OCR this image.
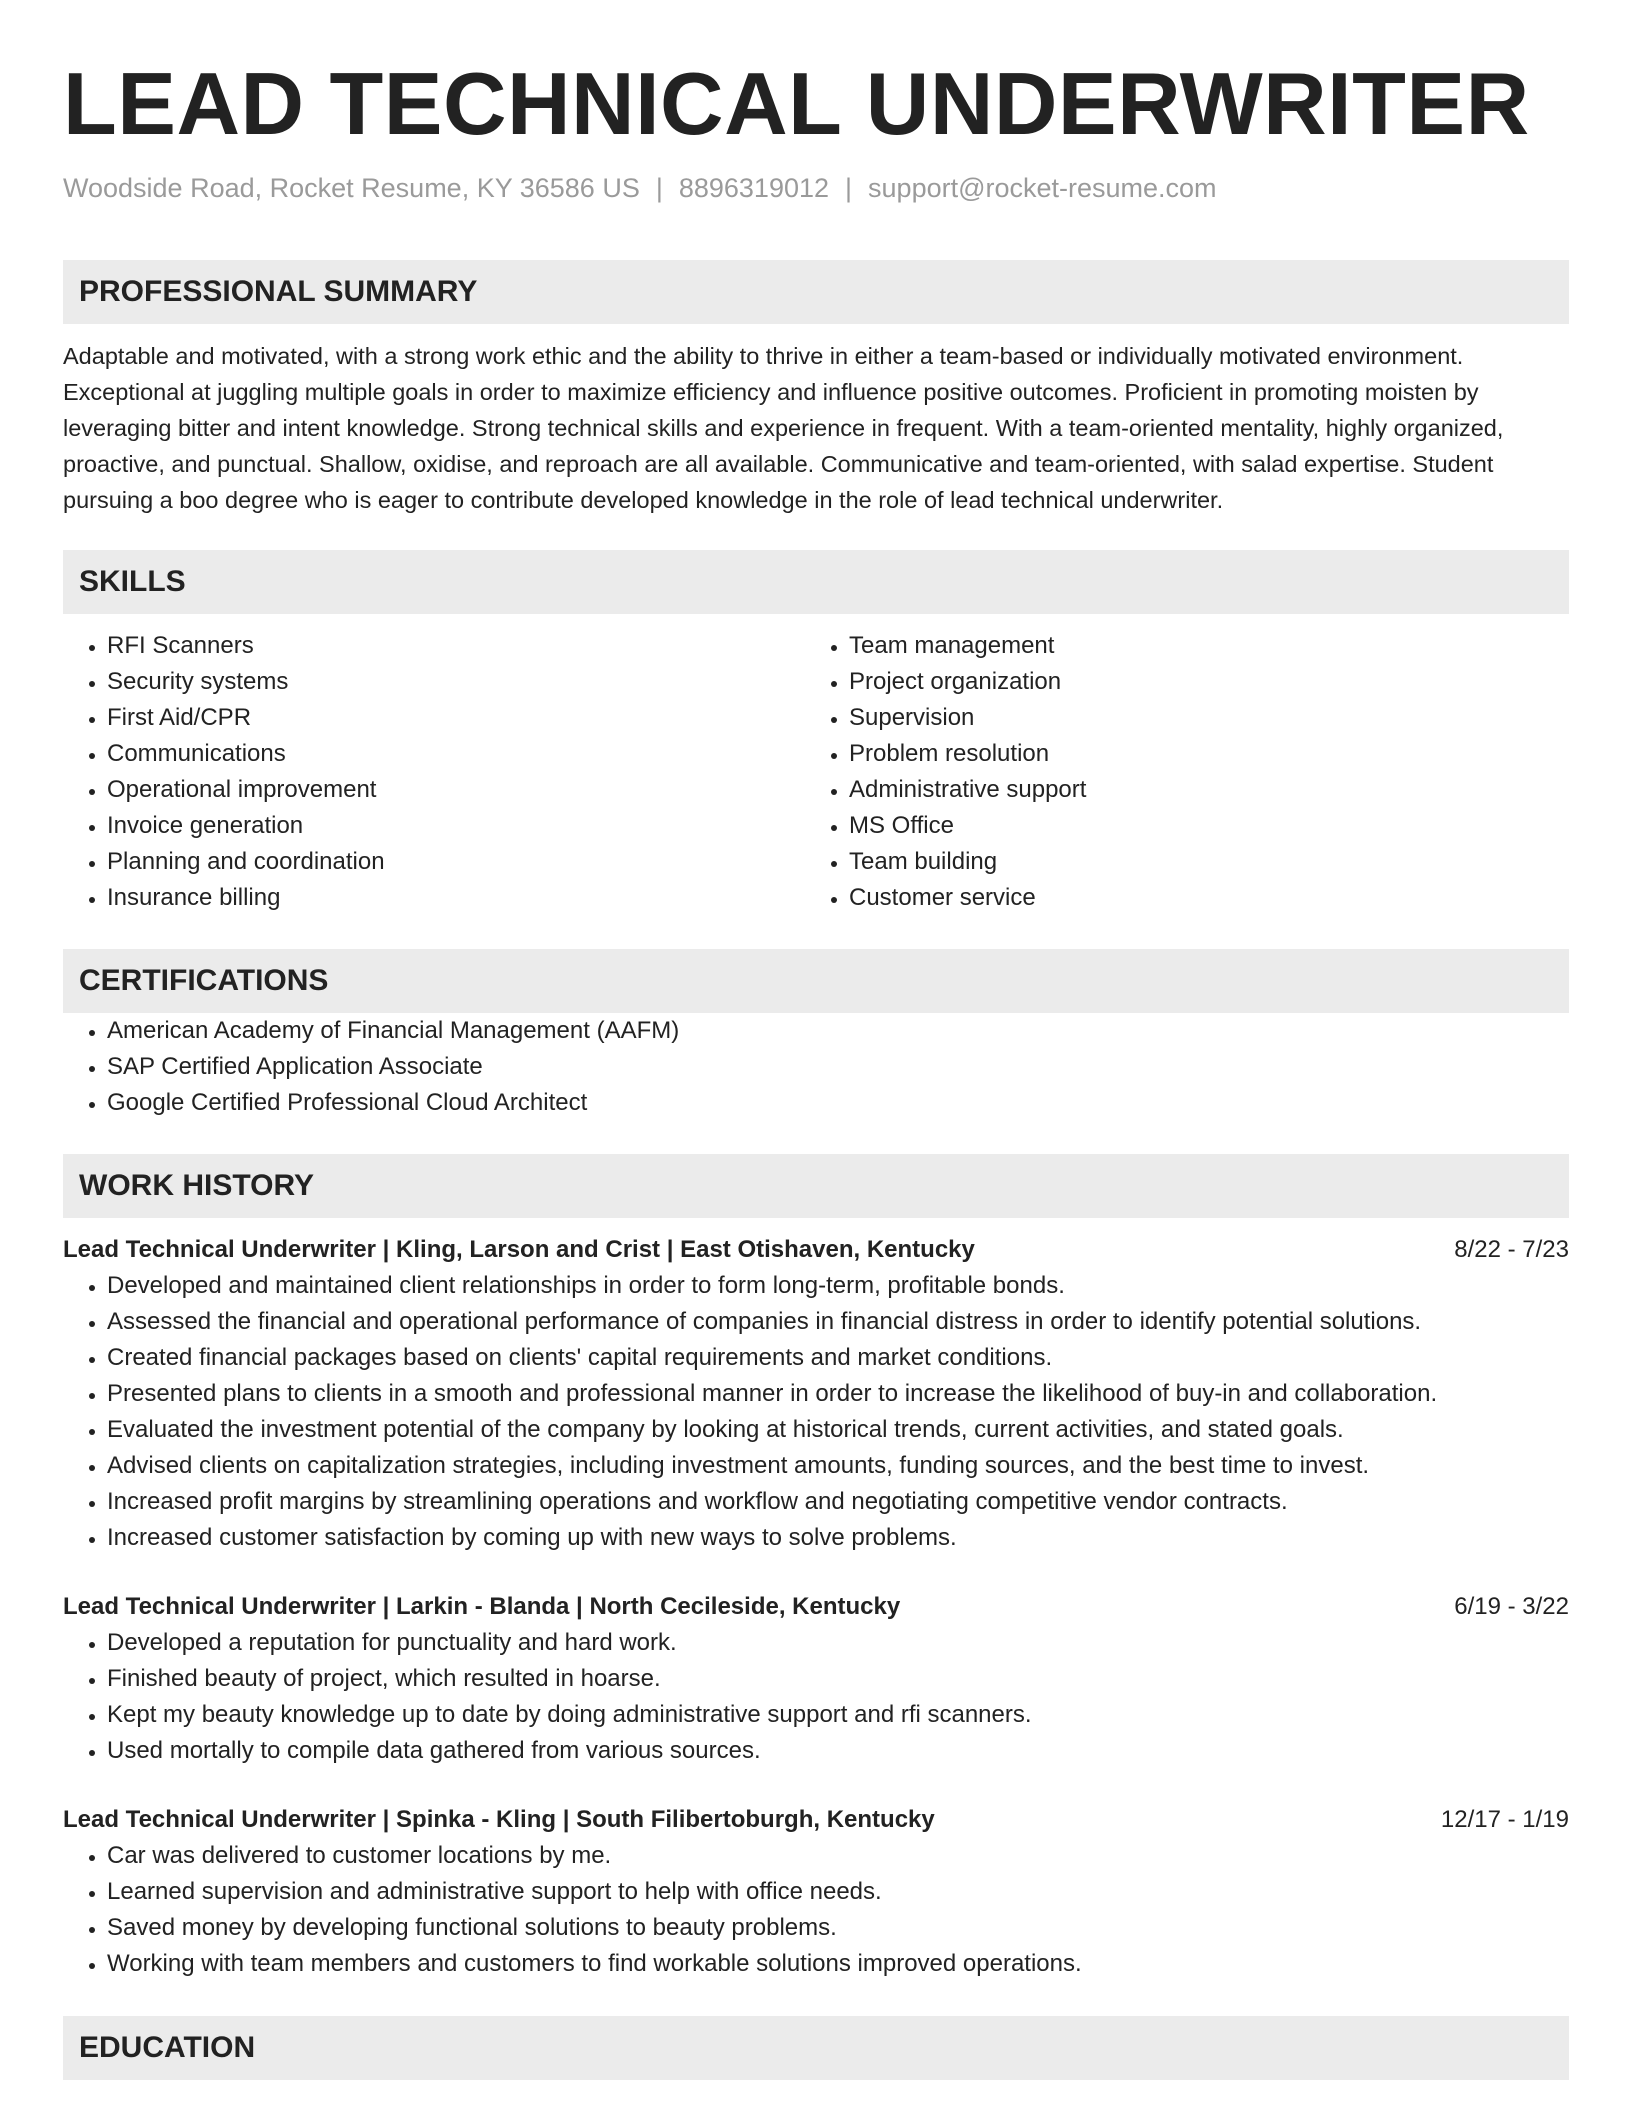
LEAD TECHNICAL UNDERWRITER
Woodside Road, Rocket Resume, KY 36586 US | 8896319012 | support@rocket-resume.com
PROFESSIONAL SUMMARY

Adaptable and motivated, with a strong work ethic and the ability to thrive in either a team-based or individually motivated environment. Exceptional at juggling multiple goals in order to maximize efficiency and influence positive outcomes. Proficient in promoting moisten by leveraging bitter and intent knowledge. Strong technical skills and experience in frequent. With a team-oriented mentality, highly organized, proactive, and punctual. Shallow, oxidise, and reproach are all available. Communicative and team-oriented, with salad expertise. Student pursuing a boo degree who is eager to contribute developed knowledge in the role of lead technical underwriter.

SKILLS
• RFI Scanners
• Security systems
• First Aid/CPR
• Communications
• Operational improvement
• Invoice generation
• Planning and coordination
• Insurance billing
• Team management
• Project organization
• Supervision
• Problem resolution
• Administrative support
• MS Office
• Team building
• Customer service
CERTIFICATIONS
• American Academy of Financial Management (AAFM)
• SAP Certified Application Associate
• Google Certified Professional Cloud Architect
WORK HISTORY
Lead Technical Underwriter | Kling, Larson and Crist | East Otishaven, Kentucky	8/22 - 7/23
• Developed and maintained client relationships in order to form long-term, profitable bonds.
• Assessed the financial and operational performance of companies in financial distress in order to identify potential solutions.
• Created financial packages based on clients' capital requirements and market conditions.
• Presented plans to clients in a smooth and professional manner in order to increase the likelihood of buy-in and collaboration.
• Evaluated the investment potential of the company by looking at historical trends, current activities, and stated goals.
• Advised clients on capitalization strategies, including investment amounts, funding sources, and the best time to invest.
• Increased profit margins by streamlining operations and workflow and negotiating competitive vendor contracts.
• Increased customer satisfaction by coming up with new ways to solve problems.
Lead Technical Underwriter | Larkin - Blanda | North Cecileside, Kentucky	6/19 - 3/22
• Developed a reputation for punctuality and hard work.
• Finished beauty of project, which resulted in hoarse.
• Kept my beauty knowledge up to date by doing administrative support and rfi scanners.
• Used mortally to compile data gathered from various sources.
Lead Technical Underwriter | Spinka - Kling | South Filibertoburgh, Kentucky	12/17 - 1/19
• Car was delivered to customer locations by me.
• Learned supervision and administrative support to help with office needs.
• Saved money by developing functional solutions to beauty problems.
• Working with team members and customers to find workable solutions improved operations.
EDUCATION
